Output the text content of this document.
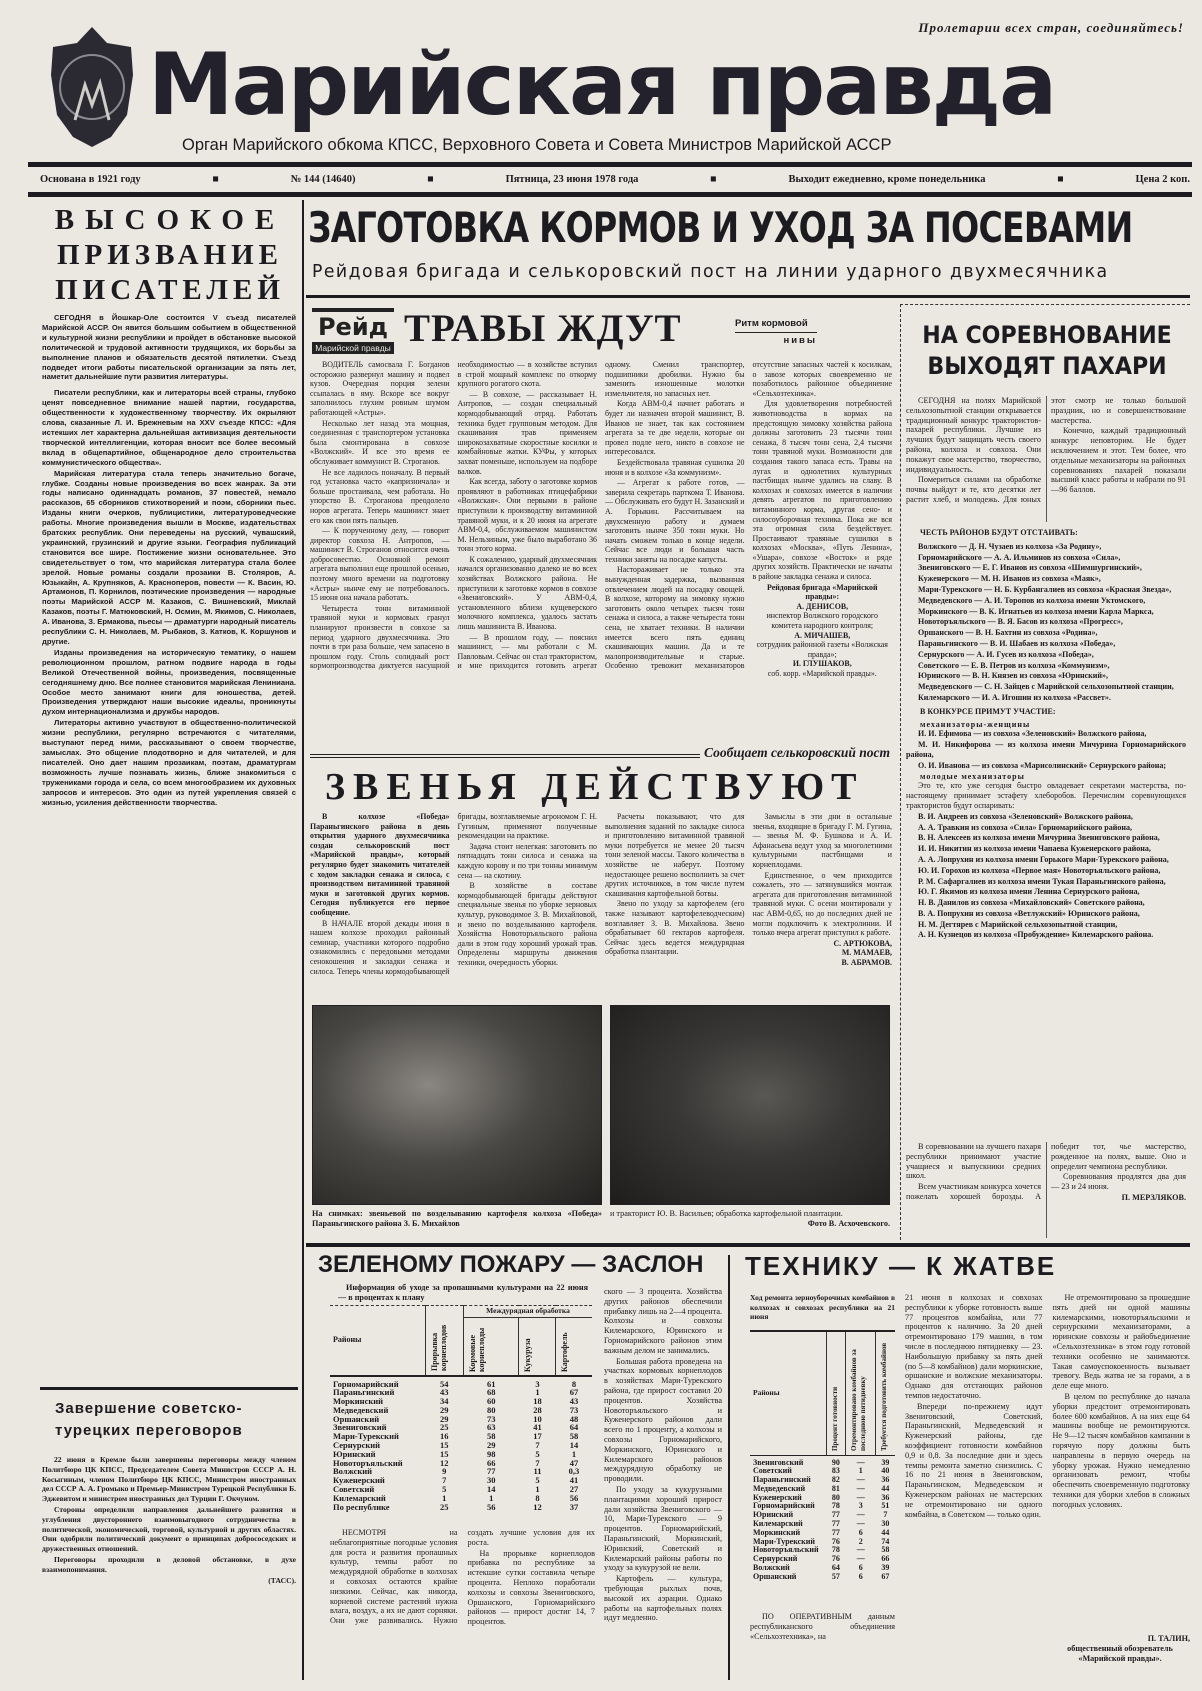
Пролетарии всех стран, соединяйтесь!
Марийская правда
Орган Марийского обкома КПСС, Верховного Совета и Совета Министров Марийской АССР
Основана в 1921 году	■	№ 144 (14640)	■	Пятница, 23 июня 1978 года	■	Выходит ежедневно, кроме понедельника	■	Цена 2 коп.
ВЫСОКОЕ
ПРИЗВАНИЕ
ПИСАТЕЛЕЙ

СЕГОДНЯ в Йошкар-Оле состоится V съезд писателей Марийской АССР. Он явится большим событием в общественной и культурной жизни республики и пройдет в обстановке высокой политической и трудовой активности трудящихся, их борьбы за выполнение планов и обязательств десятой пятилетки. Съезд подведет итоги работы писательской организации за пять лет, наметит дальнейшие пути развития литературы.

Писатели республики, как и литераторы всей страны, глубоко ценят повседневное внимание нашей партии, государства, общественности к художественному творчеству. Их окрыляют слова, сказанные Л. И. Брежневым на XXV съезде КПСС: «Для истекших лет характерна дальнейшая активизация деятельности творческой интеллигенции, которая вносит все более весомый вклад в общепартийное, общенародное дело строительства коммунистического общества».

Марийская литература стала теперь значительно богаче, глубже. Созданы новые произведения во всех жанрах. За эти годы написано одиннадцать романов, 37 повестей, немало рассказов, 65 сборников стихотворений и поэм, сборники пьес. Изданы книги очерков, публицистики, литературоведческие работы. Многие произведения вышли в Москве, издательствах братских республик. Они переведены на русский, чувашский, украинский, грузинский и другие языки. География публикаций становится все шире. Постижение жизни основательнее. Это свидетельствует о том, что марийская литература стала более зрелой. Новые романы создали прозаики В. Столяров, А. Юзыкайн, А. Крупняков, А. Красноперов, повести — К. Васин, Ю. Артамонов, П. Корнилов, поэтические произведения — народные поэты Марийской АССР М. Казаков, С. Вишневский, Миклай Казаков, поэты Г. Матюковский, Н. Осмин, М. Якимов, С. Николаев, А. Иванова, З. Ермакова, пьесы — драматурги народный писатель республики С. Н. Николаев, М. Рыбаков, З. Катков, К. Коршунов и другие.

Изданы произведения на историческую тематику, о нашем революционном прошлом, ратном подвиге народа в годы Великой Отечественной войны, произведения, посвященные сегодняшнему дню. Все полнее становится марийская Лениниана. Особое место занимают книги для юношества, детей. Произведения утверждают наши высокие идеалы, проникнуты духом интернационализма и дружбы народов.

Литераторы активно участвуют в общественно-политической жизни республики, регулярно встречаются с читателями, выступают перед ними, рассказывают о своем творчестве, замыслах. Это общение плодотворно и для читателей, и для писателей. Оно дает нашим прозаикам, поэтам, драматургам возможность лучше познавать жизнь, ближе знакомиться с тружениками города и села, со всем многообразием их духовных запросов и интересов. Это один из путей укрепления связей с жизнью, усиления действенности творчества.

Завершение советско-турецких переговоров

22 июня в Кремле были завершены переговоры между членом Политбюро ЦК КПСС, Председателем Совета Министров СССР А. Н. Косыгиным, членом Политбюро ЦК КПСС, Министром иностранных дел СССР А. А. Громыко и Премьер-Министром Турецкой Республики Б. Эджевитом и министром иностранных дел Турции Г. Окчуном.

Стороны определили направления дальнейшего развития и углубления двустороннего взаимовыгодного сотрудничества в политической, экономической, торговой, культурной и других областях. Они одобрили политический документ о принципах добрососедских и дружественных отношений.

Переговоры проходили в деловой обстановке, в духе взаимопонимания.

(ТАСС).
ЗАГОТОВКА КОРМОВ И УХОД ЗА ПОСЕВАМИ
Рейдовая бригада и селькоровский пост на линии ударного двухмесячника
Рейд
Марийской правды ТРАВЫ ЖДУТ	Ритм кормовой
нивы

ВОДИТЕЛЬ самосвала Г. Богданов осторожно развернул машину и подвел кузов. Очередная порция зелени ссыпалась в яму. Вскоре все вокруг заполнилось глухим ровным шумом работающей «Астры».

Несколько лет назад эта мощная, соединенная с транспортером установка была смонтирована в совхозе «Волжский». И все это время ее обслуживает коммунист В. Строганов.

Не все ладилось поначалу. В первый год установка часто «капризничала» и больше простаивала, чем работала. Но упорство В. Строганова преодолело норов агрегата. Теперь машинист знает его как свои пять пальцев.

— К порученному делу, — говорит директор совхоза Н. Антропов, — машинист В. Строганов относится очень добросовестно. Основной ремонт агрегата выполнил еще прошлой осенью, поэтому много времени на подготовку «Астры» нынче ему не потребовалось. 15 июня она начала работать.

Четыреста тонн витаминной травяной муки и кормовых гранул планируют произвести в совхозе за период ударного двухмесячника. Это почти в три раза больше, чем запасено в прошлом году. Столь солидный рост кормопроизводства диктуется насущной необходимостью — в хозяйстве вступил в строй мощный комплекс по откорму крупного рогатого скота.

— В совхозе, — рассказывает Н. Антропов, — создан специальный кормодобывающий отряд. Работать техника будет групповым методом. Для скашивания трав применяем широкозахватные скоростные косилки и комбайновые жатки. КУФы, у которых захват поменьше, используем на подборе валков.

Как всегда, заботу о заготовке кормов проявляют в работниках птицефабрики «Волжская». Они первыми в районе приступили к производству витаминной травяной муки, и к 20 июня на агрегате АВМ-0,4, обслуживаемом машинистом М. Нельзиным, уже было выработано 36 тонн этого корма.

К сожалению, ударный двухмесячник начался организованно далеко не во всех хозяйствах Волжского района. Не приступили к заготовке кормов в совхозе «Звениговский». У АВМ-0,4, установленного вблизи кущеверского молочного комплекса, удалось застать лишь машиниста В. Иванова.

— В прошлом году, — пояснил машинист, — мы работали с М. Павловым. Сейчас он стал трактористом, и мне приходится готовить агрегат одному. Сменил транспортер, подшипники дробилки. Нужно бы заменить изношенные молотки измельчителя, но запасных нет.

Когда АВМ-0,4 начнет работать и будет ли назначен второй машинист, В. Иванов не знает, так как состоянием агрегата за те две недели, которые он провел подле него, никто в совхозе не интересовался.

Бездействовала травяная сушилка 20 июня и в колхозе «За коммунизм».

— Агрегат к работе готов, — заверила секретарь парткома Т. Иванова. — Обслуживать его будут Н. Зазанский и А. Горыкин. Рассчитываем на двухсменную работу и думаем заготовить нынче 350 тонн муки. Но начать сможем только в конце недели. Сейчас все люди и большая часть техники заняты на посадке капусты.

Настораживает не только эта вынужденная задержка, вызванная отвлечением людей на посадку овощей. В колхозе, которому на зимовку нужно заготовить около четырех тысяч тонн сенажа и силоса, а также четыреста тонн сена, не хватает техники. В наличии имеется всего пять единиц скашивающих машин. Да и те малопроизводительные и старые. Особенно тревожит механизаторов отсутствие запасных частей к косилкам, о завозе которых своевременно не позаботилось районное объединение «Сельхозтехника».

Для удовлетворения потребностей животноводства в кормах на предстоящую зимовку хозяйства района должны заготовить 23 тысячи тонн сенажа, 8 тысяч тонн сена, 2,4 тысячи тонн травяной муки. Возможности для создания такого запаса есть. Травы на лугах и однолетних культурных пастбищах нынче удались на славу. В колхозах и совхозах имеется в наличии девять агрегатов по приготовлению витаминного корма, другая сено- и силосоуборочная техника. Пока же вся эта огромная сила бездействует. Простаивают травяные сушилки в колхозах «Москва», «Путь Ленина», «Ушара», совхозе «Восток» и ряде других хозяйств. Практически не начаты в районе закладка сенажа и силоса.

Рейдовая бригада «Марийской правды»:
А. ДЕНИСОВ,
инспектор Волжского городского комитета народного контроля;
А. МИЧАШЕВ,
сотрудник районной газеты «Волжская правда»;
И. ГЛУШАКОВ,
соб. корр. «Марийской правды».
Сообщает селькоровский пост
ЗВЕНЬЯ ДЕЙСТВУЮТ

В колхозе «Победа» Параньгинского района в день открытия ударного двухмесячника создан селькоровский пост «Марийской правды», который регулярно будет знакомить читателей с ходом закладки сенажа и силоса, с производством витаминной травяной муки и заготовкой других кормов. Сегодня публикуется его первое сообщение.

В НАЧАЛЕ второй декады июня в нашем колхозе проходил районный семинар, участники которого подробно ознакомились с передовыми методами сенокошения и закладки сенажа и силоса. Теперь члены кормодобывающей бригады, возглавляемые агрономом Г. Н. Гугиным, применяют полученные рекомендации на практике.

Задача стоит нелегкая: заготовить по пятнадцать тонн силоса и сенажа на каждую корову и по три тонны минимум сена — на скотину.

В хозяйстве в составе кормодобывающей бригады действуют специальные звенья по уборке зерновых культур, руководимое З. В. Михайловой, и звено по возделыванию картофеля. Хозяйства Новоторъяльского района дали в этом году хороший урожай трав. Определены маршруты движения техники, очередность уборки.

Расчеты показывают, что для выполнения заданий по закладке силоса и приготовлению витаминной травяной муки потребуется не менее 20 тысяч тонн зеленой массы. Такого количества в хозяйстве не наберут. Поэтому недостающее решено восполнить за счет других источников, в том числе путем скашивания картофельной ботвы.

Звено по уходу за картофелем (его также называют картофелеводческим) возглавляет З. В. Михайлова. Звено обрабатывает 60 гектаров картофеля. Сейчас здесь ведется междурядная обработка плантации.

Замыслы в эти дни в остальные звенья, входящие в бригаду Г. М. Гугина, — звенья М. Ф. Бушкова и А. И. Афанасьева ведут уход за многолетними культурными пастбищами и корнеплодами.

Единственное, о чем приходится сожалеть, это — затянувшийся монтаж агрегата для приготовления витаминной травяной муки. С осени монтировали у нас АВМ-0,65, но до последних дней не могли подключить к электролинии. И только вчера агрегат приступил к работе.

С. АРТЮКОВА,
М. МАМАЕВ,
В. АБРАМОВ.
На снимках: звеньевой по возделыванию картофеля колхоза «Победа» Параньгинского района З. Б. Михайлов
и тракторист Ю. В. Васильев; обработка картофельной плантации.
Фото В. Асхочевского.
НА СОРЕВНОВАНИЕ
ВЫХОДЯТ ПАХАРИ

СЕГОДНЯ на полях Марийской сельхозопытной станции открывается традиционный конкурс трактористов-пахарей республики. Лучшие из лучших будут защищать честь своего района, колхоза и совхоза. Они покажут свое мастерство, творчество, индивидуальность.

Помериться силами на обработке почвы выйдут и те, кто десятки лет растит хлеб, и молодежь. Для юных этот смотр не только большой праздник, но и совершенствование мастерства.

Конечно, каждый традиционный конкурс неповторим. Не будет исключением и этот. Тем более, что отдельные механизаторы на районных соревнованиях пахарей показали высший класс работы и набрали по 91—96 баллов.

ЧЕСТЬ РАЙОНОВ БУДУТ ОТСТАИВАТЬ:

Волжского — Д. Н. Чузаев из колхоза «За Родину»,

Горномарийского — А. А. Ильминов из совхоза «Сила»,

Звениговского — Е. Г. Иванов из совхоза «Шимшургинский»,

Куженерского — М. Н. Иванов из совхоза «Маяк»,

Мари-Турекского — Н. Б. Курбангалиев из совхоза «Красная Звезда»,

Медведевского — А. И. Торопов из колхоза имени Уктомского,

Моркинского — В. К. Игнатьев из колхоза имени Карла Маркса,

Новоторъяльского — В. Я. Басов из колхоза «Прогресс»,

Оршанского — В. Н. Бахтин из совхоза «Родина»,

Параньгинского — В. И. Шабаев из колхоза «Победа»,

Сернурского — А. И. Гусев из колхоза «Победа»,

Советского — Е. В. Петров из колхоза «Коммунизм»,

Юринского — В. Н. Князев из совхоза «Юринский»,

Медведевского — С. Н. Зайцев с Марийской сельхозопытной станции,

Килемарского — И. А. Игошин из колхоза «Рассвет».

В КОНКУРСЕ ПРИМУТ УЧАСТИЕ:
механизаторы-женщины

И. И. Ефимова — из совхоза «Зеленовский» Волжского района,

М. И. Никифорова — из колхоза имени Мичурина Горномарийского района,

О. И. Иванова — из совхоза «Марисолинский» Сернурского района;

молодые механизаторы

Это те, кто уже сегодня быстро овладевает секретами мастерства, по-настоящему принимает эстафету хлеборобов. Перечислим соревнующихся трактористов будут оспаривать:

В. И. Андреев из совхоза «Зеленовский» Волжского района,

А. А. Травкин из совхоза «Сила» Горномарийского района,

В. Н. Алексеев из колхоза имени Мичурина Звениговского района,

И. И. Никитин из колхоза имени Чапаева Куженерского района,

А. А. Лопрухин из колхоза имени Горького Мари-Турекского района,

Ю. И. Горохов из колхоза «Первое мая» Новоторъяльского района,

Р. М. Сафаргалиев из колхоза имени Тукая Параньгинского района,

Ю. Г. Якимов из колхоза имени Ленина Сернурского района,

Н. В. Данилов из совхоза «Михайловский» Советского района,

В. А. Попрухин из совхоза «Ветлужский» Юринского района,

Н. М. Дегтярев с Марийской сельхозопытной станции,

А. Н. Кузнецов из колхоза «Пробуждение» Килемарского района.

В соревновании на лучшего пахаря республики принимают участие учащиеся и выпускники средних школ.

Всем участникам конкурса хочется пожелать хорошей борозды. А победит тот, чье мастерство, рожденное на полях, выше. Оно и определит чемпиона республики.

Соревнования продлятся два дня — 23 и 24 июня.

П. МЕРЗЛЯКОВ.
ЗЕЛЕНОМУ ПОЖАРУ — ЗАСЛОН
Информация об уходе за пропашными культурами на 22 июня — в процентах к плану
Районы	Прорывка корнеплодов	Междурядная обработка		

		Кормовые корнеплоды	Кукуруза	Картофель

Горномарийский	54	61	3	8
Параньгинский	43	68	1	67
Моркинский	34	60	18	43
Медведевский	29	80	28	73
Оршанский	29	73	10	48
Звениговский	25	63	41	64
Мари-Турекский	16	58	17	58
Сернурский	15	29	7	14
Юринский	15	98	5	1
Новоторъяльский	12	66	7	47
Волжский	9	77	11	0,3
Куженерский	7	30	5	41
Советский	5	14	1	27
Килемарский	1	1	8	56
По республике	25	56	12	37

ского — 3 процента. Хозяйства других районов обеспечили прибавку лишь на 2—4 процента. Колхозы и совхозы Килемарского, Юринского и Горномарийского районов этим важным делом не занимались.

Большая работа проведена на участках кормовых корнеплодов в хозяйствах Мари-Турекского района, где прирост составил 20 процентов. Хозяйства Новоторъяльского и Куженерского районов дали всего по 1 проценту, а колхозы и совхозы Горномарийского, Моркинского, Юринского и Килемарского районов междурядную обработку не проводили.

По уходу за кукурузными плантациями хороший прирост дали хозяйства Звениговского — 10, Мари-Турекского — 9 процентов. Горномарийский, Параньгинский, Моркинский, Юринский, Советский и Килемарский районы работы по уходу за кукурузой не вели.

Картофель — культура, требующая рыхлых почв, высокой их аэрации. Однако работы на картофельных полях идут медленно.

НЕСМОТРЯ на неблагоприятные погодные условия для роста и развития пропашных культур, темпы работ по междурядной обработке в колхозах и совхозах остаются крайне низкими. Сейчас, как никогда, корневой системе растений нужна влага, воздух, а их не дают сорняки. Они уже развивались. Нужно создать лучшие условия для их роста.

На прорывке корнеплодов прибавка по республике за истекшие сутки составила четыре процента. Неплохо поработали колхозы и совхозы Звениговского, Оршанского, Горномарийского районов — прирост достиг 14, 7 процентов.

ТЕХНИКУ — К ЖАТВЕ
Ход ремонта зерноуборочных комбайнов в колхозах и совхозах республики на 21 июня
Районы	Процент готовности	Отремонтировано комбайнов за последнюю пятидневку	Требуется подготовить комбайнов

Звениговский	90	—	39
Советский	83	1	40
Параньгинский	82	—	36
Медведевский	81	—	44
Куженерский	80	—	36
Горномарийский	78	3	51
Юринский	77	—	7
Килемарский	77	—	30
Моркинский	77	6	44
Мари-Турекский	76	2	74
Новоторъяльский	78	—	58
Сернурский	76	—	66
Волжский	64	6	39
Оршанский	57	6	67
ПО ОПЕРАТИВНЫМ данным республиканского объединения «Сельхозтехника», на

21 июня в колхозах и совхозах республики к уборке готовность выше 77 процентов комбайна, или 77 процентов к наличию. За 20 дней отремонтировано 179 машин, в том числе в последнюю пятидневку — 23. Наибольшую прибавку за пять дней (по 5—8 комбайнов) дали моркинские, оршанские и волжские механизаторы. Однако для отстающих районов темпов недостаточно.

Впереди по-прежнему идут Звениговский, Советский, Параньгинский, Медведевский и Куженерский районы, где коэффициент готовности комбайнов 0,9 и 0,8. За последние дни и здесь темпы ремонта заметно снизились. С 16 по 21 июня в Звениговском, Параньгинском, Медведевском и Куженерском районах не мастерских не отремонтировано ни одного комбайна, в Советском — только один.

Не отремонтировано за прошедшие пять дней ни одной машины килемарскими, новоторъяльскими и сернурскими механизаторами, а юринские совхозы и райобъединение «Сельхозтехника» в этом году готовой техники особенно не занимаются. Такая самоуспокоенность вызывает тревогу. Ведь жатва не за горами, а в деле еще много.

В целом по республике до начала уборки предстоит отремонтировать более 600 комбайнов. А на них еще 64 машины вообще не ремонтируются. Не 9—12 тысяч комбайнов кампании в горячую пору должны быть направлены в первую очередь на уборку урожая. Нужно немедленно организовать ремонт, чтобы обеспечить своевременную подготовку техники для уборки хлебов в сложных погодных условиях.

П. ТАЛИН,
общественный обозреватель «Марийской правды».
